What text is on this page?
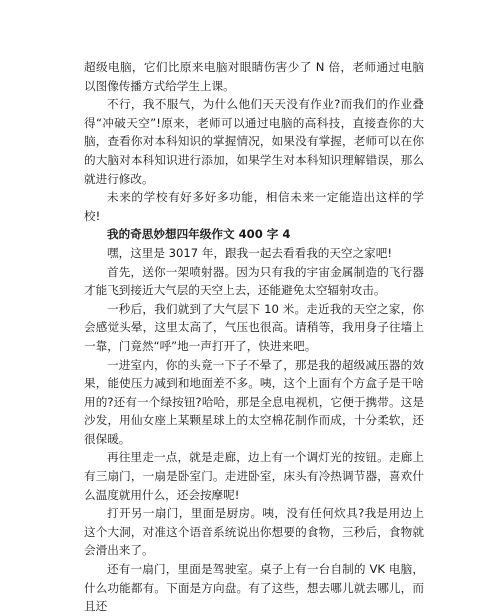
超级电脑，它们比原来电脑对眼睛伤害少了 N 倍，老师通过电脑以图像传播方式给学生上课。

不行，我不服气，为什么他们天天没有作业?而我们的作业叠得“冲破天空”!原来，老师可以通过电脑的高科技，直接查你的大脑，查看你对本科知识的掌握情况，如果没有掌握，老师可以在你的大脑对本科知识进行添加，如果学生对本科知识理解错误，那么就进行修改。

未来的学校有好多好多功能，相信未来一定能造出这样的学校!

我的奇思妙想四年级作文 400 字 4

嘿，这里是 3017 年，跟我一起去看看我的天空之家吧!

首先，送你一架喷射器。因为只有我的宇宙金属制造的飞行器才能飞到接近大气层的天空上去，还能避免太空辐射攻击。

一秒后，我们就到了大气层下 10 米。走近我的天空之家，你会感觉头晕，这里太高了，气压也很高。请稍等，我用身子往墙上一靠，门竟然“呼”地一声打开了，快进来吧。

一进室内，你的头竟一下子不晕了，那是我的超级减压器的效果，能使压力减到和地面差不多。咦，这个上面有个方盒子是干啥用的?还有一个绿按钮?哈哈，那是全息电视机，它便于携带。这是沙发，用仙女座上某颗星球上的太空棉花制作而成，十分柔软，还很保暖。

再往里走一点，就是走廊，边上有一个调灯光的按钮。走廊上有三扇门，一扇是卧室门。走进卧室，床头有冷热调节器，喜欢什么温度就用什么，还会按摩呢!

打开另一扇门，里面是厨房。咦，没有任何炊具?我是用边上这个大洞，对准这个语音系统说出你想要的食物，三秒后，食物就会滑出来了。

还有一扇门，里面是驾驶室。桌子上有一台自制的 VK 电脑，什么功能都有。下面是方向盘。有了这些，想去哪儿就去哪儿，而且还
